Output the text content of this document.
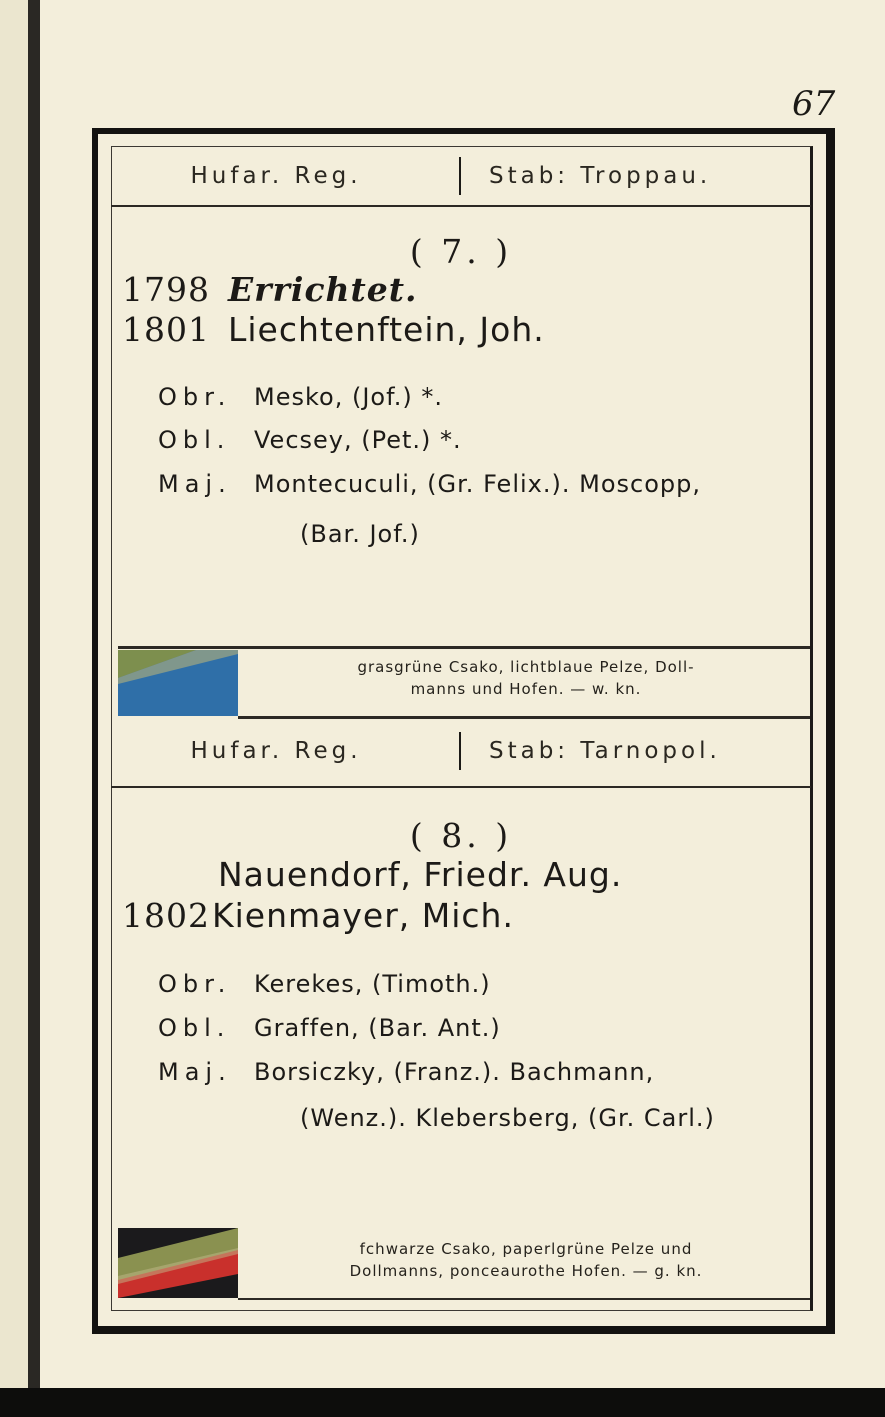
67
Hufar. Reg.	Stab: Troppau.
( 7. )
1798 Errichtet.
1801 Liechtenftein, Joh.
Obr. Mesko, (Jof.) *.
Obl. Vecsey, (Pet.) *.
Maj. Montecuculi, (Gr. Felix.). Moscopp,
(Bar. Jof.)
grasgrüne Csako, lichtblaue Pelze, Doll-
manns und Hofen. — w. kn.
Hufar. Reg.	Stab: Tarnopol.
( 8. )
Nauendorf, Friedr. Aug.
1802 Kienmayer, Mich.
Obr. Kerekes, (Timoth.)
Obl. Graffen, (Bar. Ant.)
Maj. Borsiczky, (Franz.). Bachmann,
(Wenz.). Klebersberg, (Gr. Carl.)
fchwarze Csako, paperlgrüne Pelze und
Dollmanns, ponceaurothe Hofen. — g. kn.
